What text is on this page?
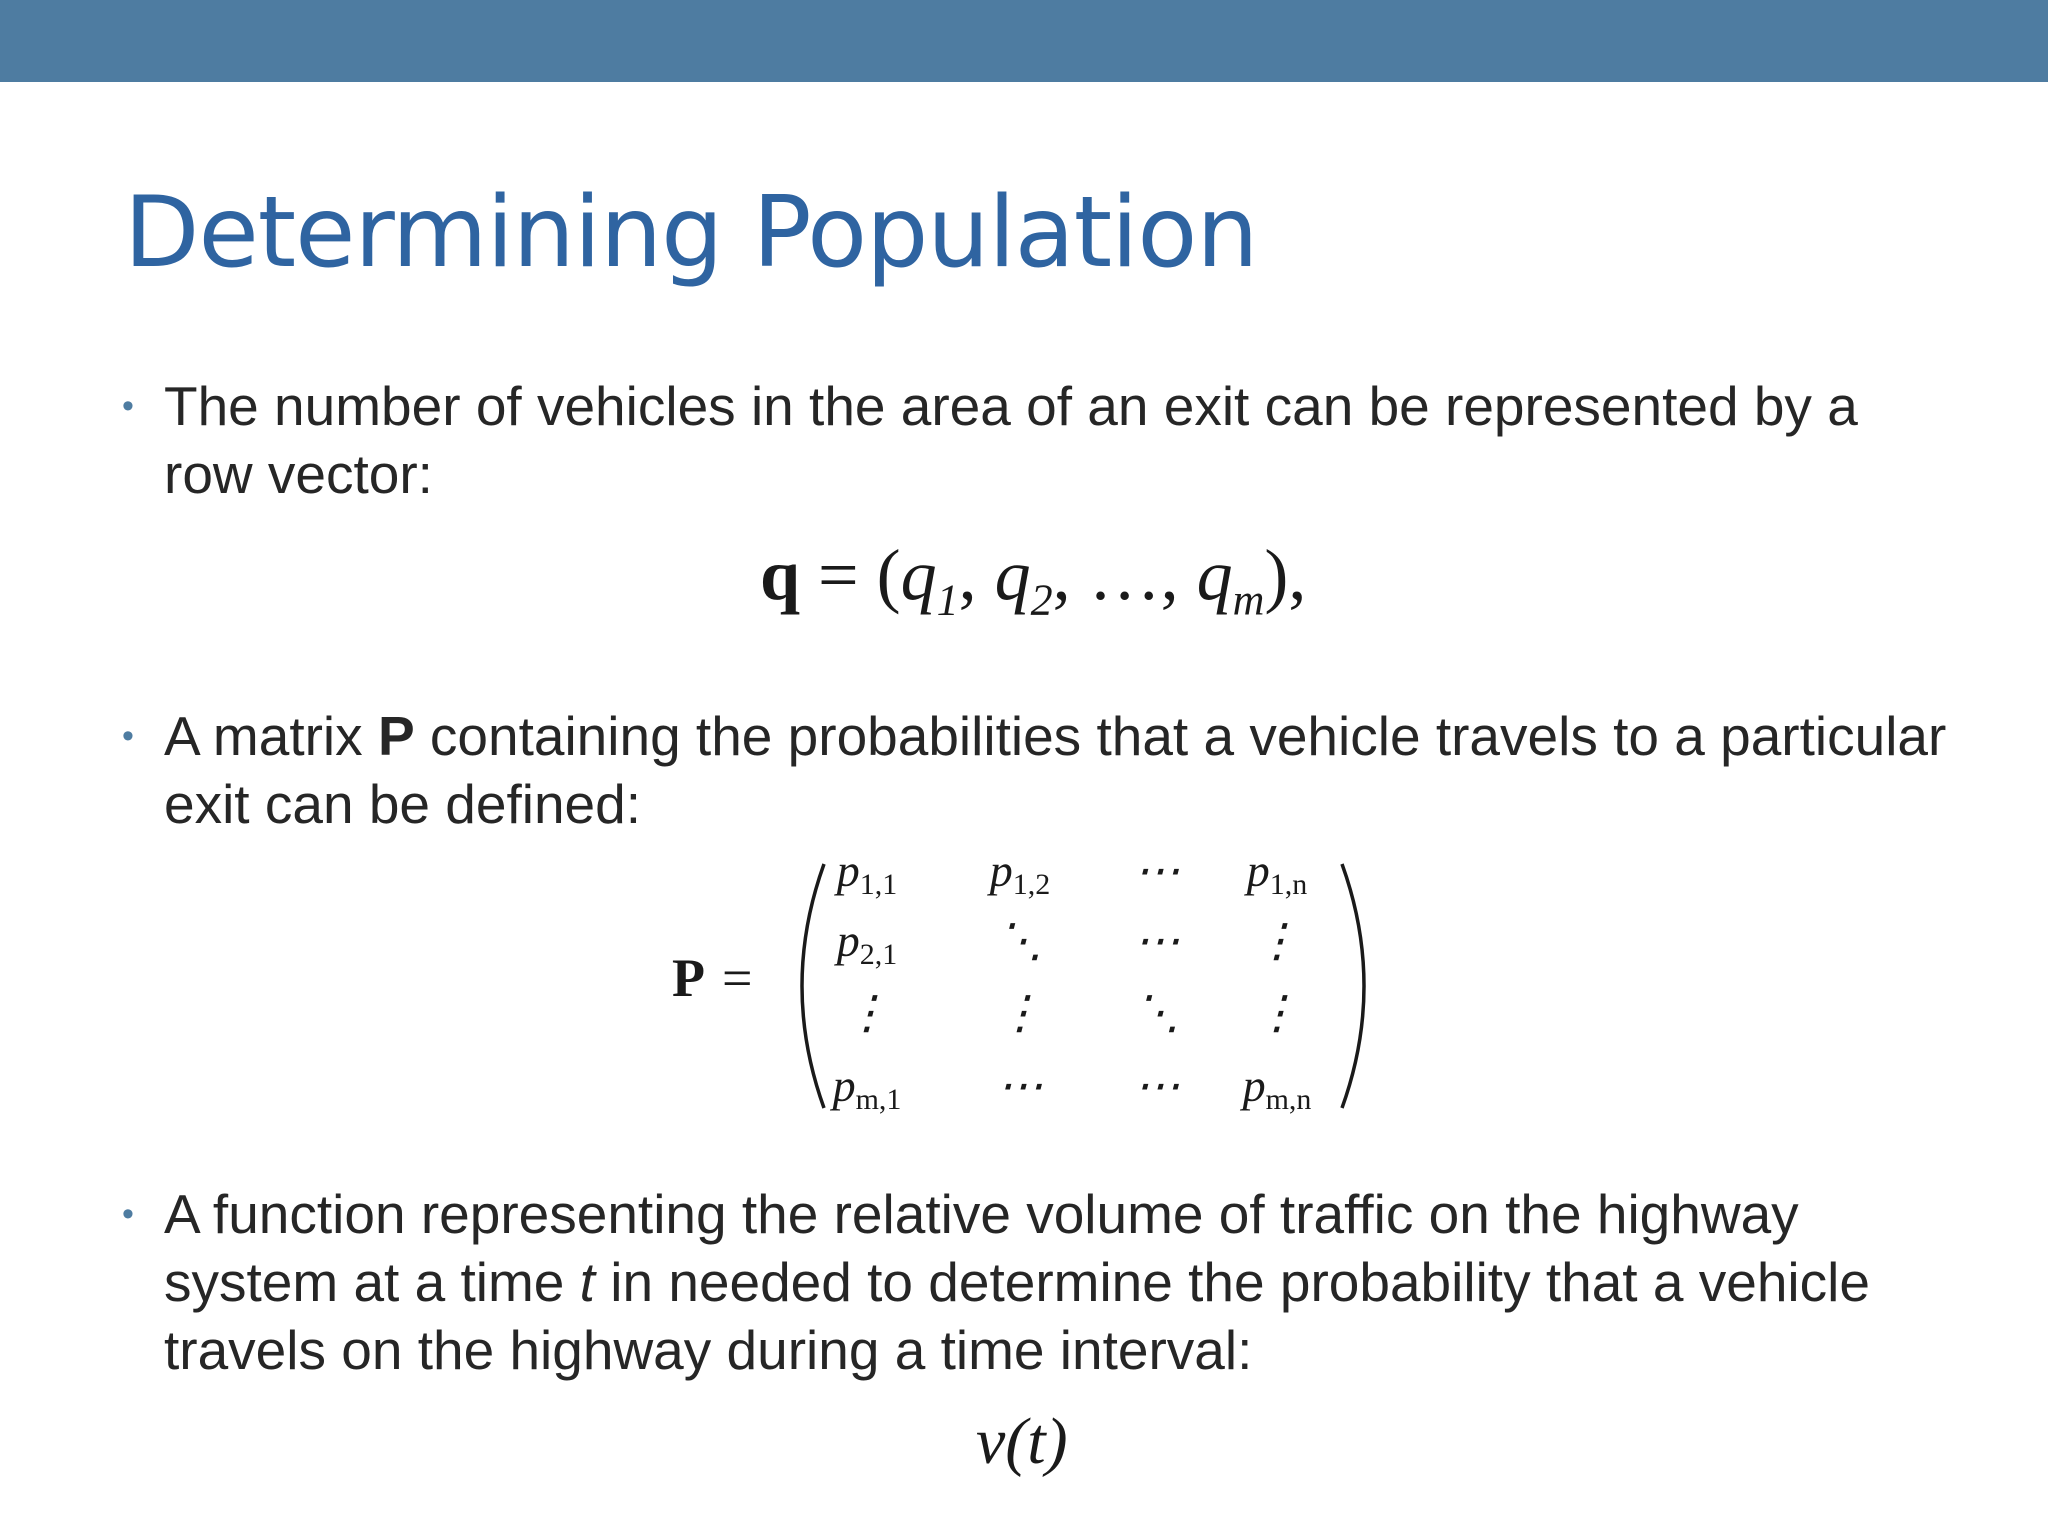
Determining Population
• The number of vehicles in the area of an exit can be represented by a row vector:
$q = (q_1$, $q_2$, …, $q_m$),
• A matrix P containing the probabilities that a vehicle travels to a particular exit can be defined:
P =
p1,1 p1,2 ⋯ p1,n
p2,1 ⋱ ⋯ ⋮
⋮ ⋮ ⋱ ⋮
pm,1 ⋯ ⋯ pm,n
• A function representing the relative volume of traffic on the highway system at a time t in needed to determine the probability that a vehicle travels on the highway during a time interval:
v(t)
